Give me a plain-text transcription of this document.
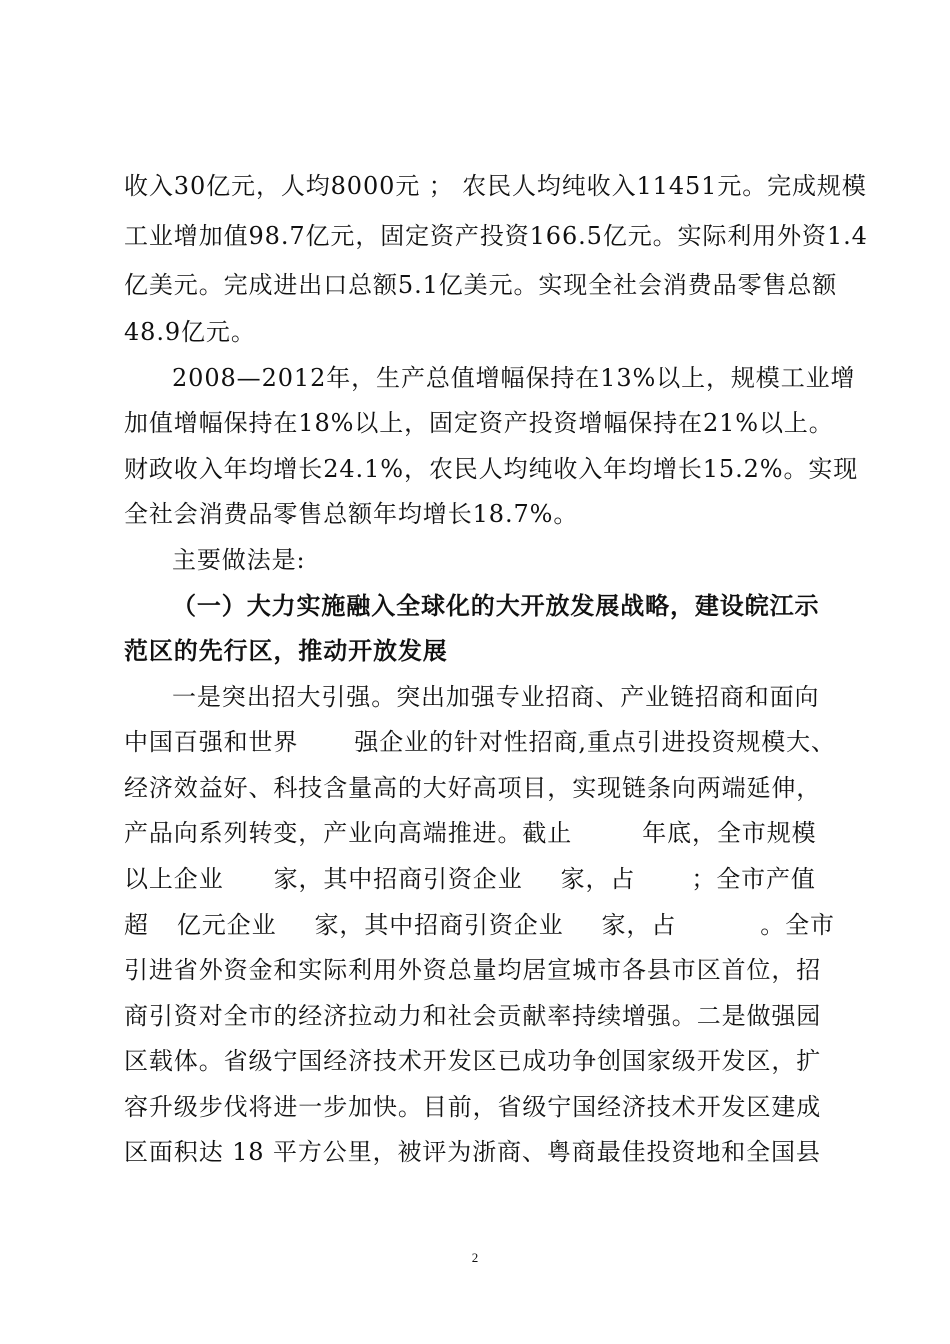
收入30亿元，人均8000元 ； 农民人均纯收入11451元。完成规模
工业增加值98.7亿元，固定资产投资166.5亿元。实际利用外资1.4
亿美元。完成进出口总额5.1亿美元。实现全社会消费品零售总额
48.9亿元。
2008—2012年，生产总值增幅保持在13%以上，规模工业增
加值增幅保持在18%以上，固定资产投资增幅保持在21%以上。
财政收入年均增长24.1%，农民人均纯收入年均增长15.2%。实现
全社会消费品零售总额年均增长18.7%。
主要做法是:
（一）大力实施融入全球化的大开放发展战略，建设皖江示
范区的先行区，推动开放发展
一是突出招大引强。突出加强专业招商、产业链招商和面向
中国百强和世界 强企业的针对性招商,重点引进投资规模大、
经济效益好、科技含量高的大好高项目，实现链条向两端延伸，
产品向系列转变，产业向高端推进。截止	年底，全市规模
以上企业 家，其中招商引资企业 家，占 ；全市产值
超 亿元企业 家，其中招商引资企业 家，占	。全市
引进省外资金和实际利用外资总量均居宣城市各县市区首位，招
商引资对全市的经济拉动力和社会贡献率持续增强。二是做强园
区载体。省级宁国经济技术开发区已成功争创国家级开发区，扩
容升级步伐将进一步加快。目前，省级宁国经济技术开发区建成
区面积达 18 平方公里，被评为浙商、粤商最佳投资地和全国县
2
